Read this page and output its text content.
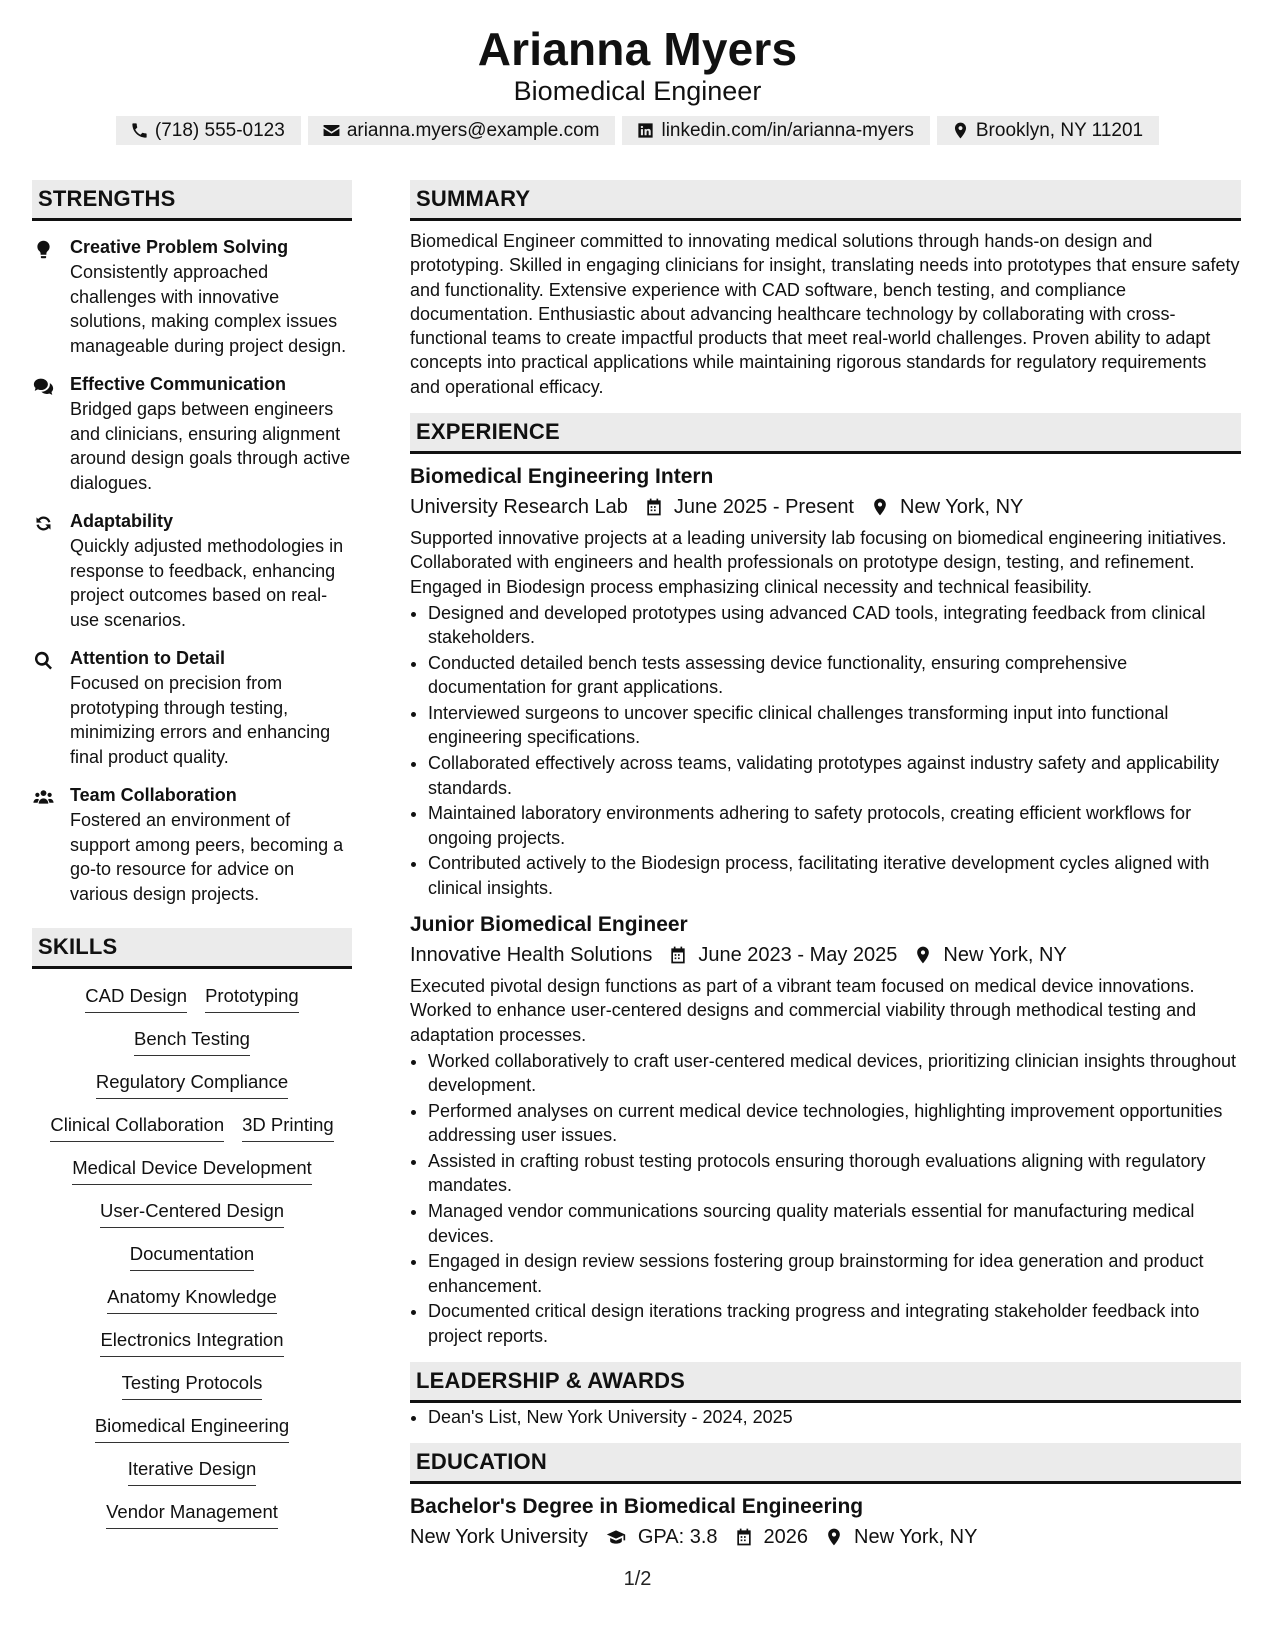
Arianna Myers
Biomedical Engineer
(718) 555-0123	arianna.myers@example.com	linkedin.com/in/arianna-myers	Brooklyn, NY 11201
STRENGTHS
Creative Problem Solving
Consistently approached challenges with innovative solutions, making complex issues manageable during project design.
Effective Communication
Bridged gaps between engineers and clinicians, ensuring alignment around design goals through active dialogues.
Adaptability
Quickly adjusted methodologies in response to feedback, enhancing project outcomes based on real-use scenarios.
Attention to Detail
Focused on precision from prototyping through testing, minimizing errors and enhancing final product quality.
Team Collaboration
Fostered an environment of support among peers, becoming a go-to resource for advice on various design projects.
SKILLS
CAD Design Prototyping
Bench Testing
Regulatory Compliance
Clinical Collaboration 3D Printing
Medical Device Development
User-Centered Design
Documentation
Anatomy Knowledge
Electronics Integration
Testing Protocols
Biomedical Engineering
Iterative Design
Vendor Management
SUMMARY
Biomedical Engineer committed to innovating medical solutions through hands-on design and prototyping. Skilled in engaging clinicians for insight, translating needs into prototypes that ensure safety and functionality. Extensive experience with CAD software, bench testing, and compliance documentation. Enthusiastic about advancing healthcare technology by collaborating with cross-functional teams to create impactful products that meet real-world challenges. Proven ability to adapt concepts into practical applications while maintaining rigorous standards for regulatory requirements and operational efficacy.
EXPERIENCE
Biomedical Engineering Intern
University Research Lab June 2025 - Present New York, NY
Supported innovative projects at a leading university lab focusing on biomedical engineering initiatives. Collaborated with engineers and health professionals on prototype design, testing, and refinement. Engaged in Biodesign process emphasizing clinical necessity and technical feasibility.
• Designed and developed prototypes using advanced CAD tools, integrating feedback from clinical stakeholders.
• Conducted detailed bench tests assessing device functionality, ensuring comprehensive documentation for grant applications.
• Interviewed surgeons to uncover specific clinical challenges transforming input into functional engineering specifications.
• Collaborated effectively across teams, validating prototypes against industry safety and applicability standards.
• Maintained laboratory environments adhering to safety protocols, creating efficient workflows for ongoing projects.
• Contributed actively to the Biodesign process, facilitating iterative development cycles aligned with clinical insights.
Junior Biomedical Engineer
Innovative Health Solutions June 2023 - May 2025 New York, NY
Executed pivotal design functions as part of a vibrant team focused on medical device innovations. Worked to enhance user-centered designs and commercial viability through methodical testing and adaptation processes.
• Worked collaboratively to craft user-centered medical devices, prioritizing clinician insights throughout development.
• Performed analyses on current medical device technologies, highlighting improvement opportunities addressing user issues.
• Assisted in crafting robust testing protocols ensuring thorough evaluations aligning with regulatory mandates.
• Managed vendor communications sourcing quality materials essential for manufacturing medical devices.
• Engaged in design review sessions fostering group brainstorming for idea generation and product enhancement.
• Documented critical design iterations tracking progress and integrating stakeholder feedback into project reports.
LEADERSHIP & AWARDS
• Dean's List, New York University - 2024, 2025
EDUCATION
Bachelor's Degree in Biomedical Engineering
New York University	GPA: 3.8 2026 New York, NY
1/2
